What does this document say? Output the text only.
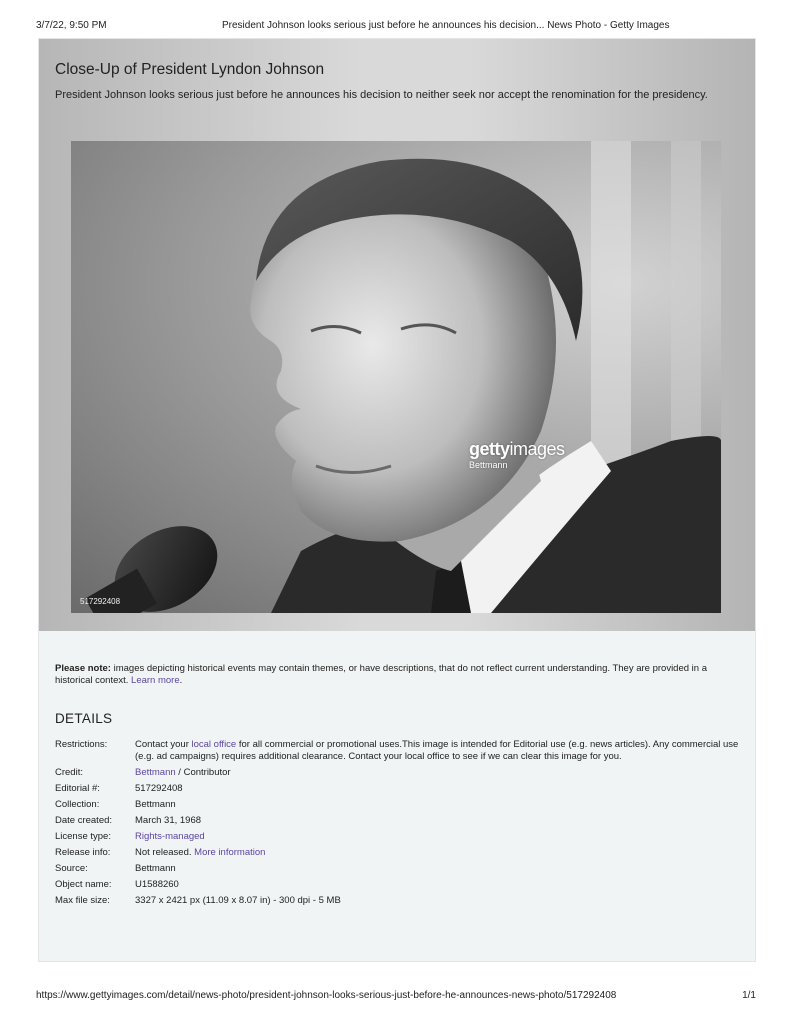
3/7/22, 9:50 PM	President Johnson looks serious just before he announces his decision... News Photo - Getty Images
Close-Up of President Lyndon Johnson
President Johnson looks serious just before he announces his decision to neither seek nor accept the renomination for the presidency.
gettyimages
Bettmann
517292408
Please note: images depicting historical events may contain themes, or have descriptions, that do not reflect current understanding. They are provided in a historical context. Learn more.
DETAILS
Restrictions:	Contact your local office for all commercial or promotional uses.This image is intended for Editorial use (e.g. news articles). Any commercial use (e.g. ad campaigns) requires additional clearance. Contact your local office to see if we can clear this image for you.
Credit:	Bettmann / Contributor
Editorial #:	517292408
Collection:	Bettmann
Date created:	March 31, 1968
License type:	Rights-managed
Release info:	Not released. More information
Source:	Bettmann
Object name:	U1588260
Max file size:	3327 x 2421 px (11.09 x 8.07 in) - 300 dpi - 5 MB
https://www.gettyimages.com/detail/news-photo/president-johnson-looks-serious-just-before-he-announces-news-photo/517292408	1/1
